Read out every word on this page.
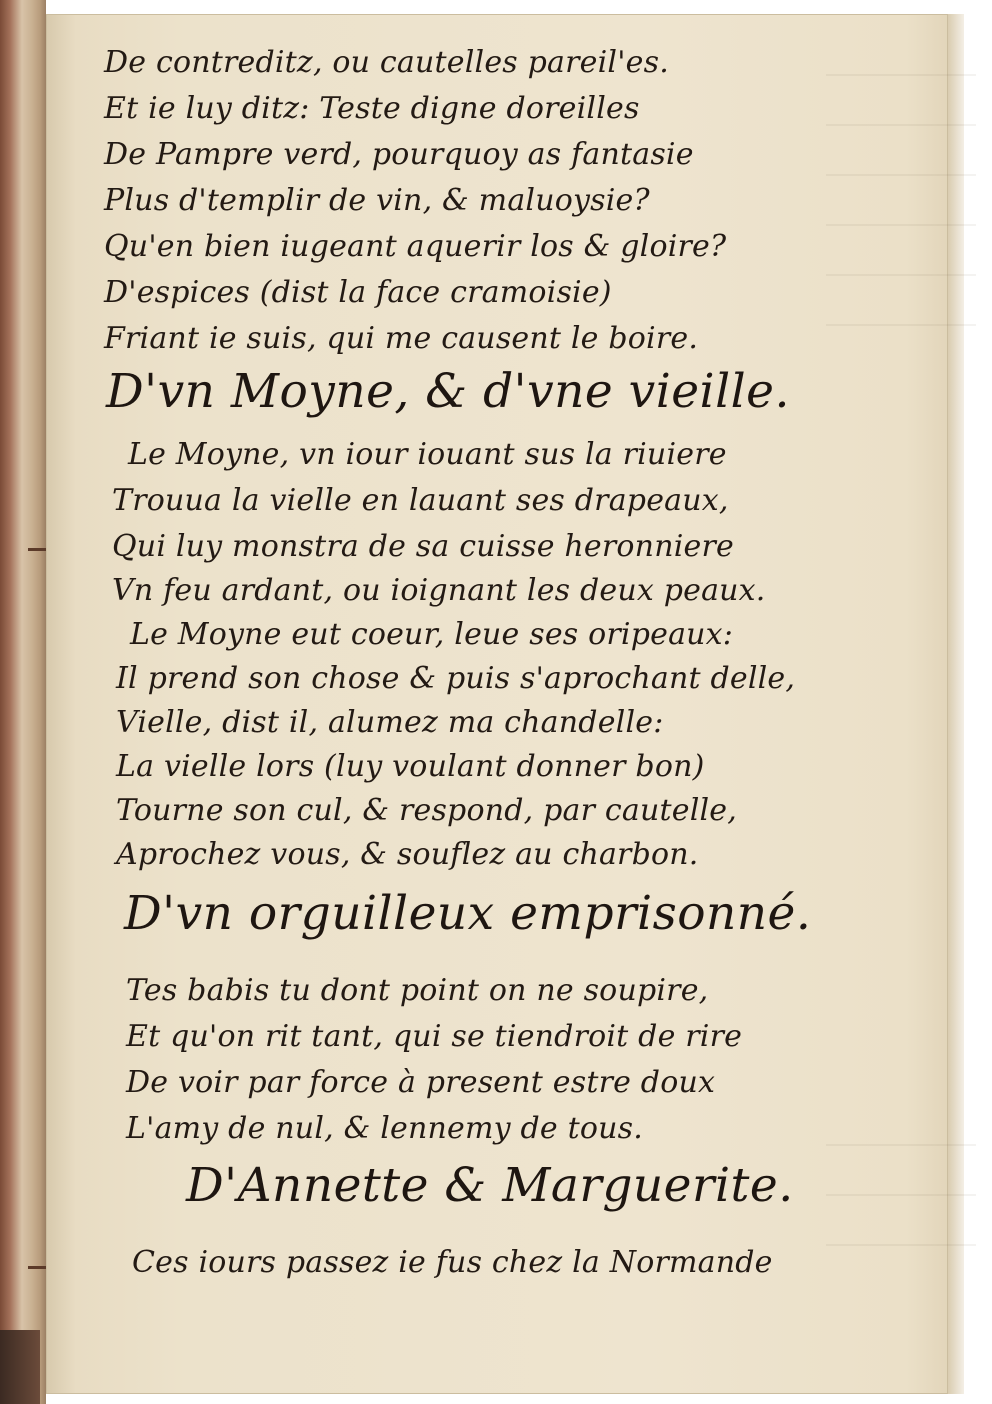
De contreditz, ou cautelles pareil'es.
Et ie luy ditz: Teste digne doreilles
De Pampre verd, pourquoy as fantasie
Plus d'templir de vin, & maluoysie?
Qu'en bien iugeant aquerir los & gloire?
D'espices (dist la face cramoisie)
Friant ie suis, qui me causent le boire.
D'vn Moyne, & d'vne vieille.
Le Moyne, vn iour iouant sus la riuiere
Trouua la vielle en lauant ses drapeaux,
Qui luy monstra de sa cuisse heronniere
Vn feu ardant, ou ioignant les deux peaux.
Le Moyne eut coeur, leue ses oripeaux:
Il prend son chose & puis s'aprochant delle,
Vielle, dist il, alumez ma chandelle:
La vielle lors (luy voulant donner bon)
Tourne son cul, & respond, par cautelle,
Aprochez vous, & souflez au charbon.
D'vn orguilleux emprisonné.
Tes babis tu dont point on ne soupire,
Et qu'on rit tant, qui se tiendroit de rire
De voir par force à present estre doux
L'amy de nul, & lennemy de tous.
D'Annette & Marguerite.
Ces iours passez ie fus chez la Normande
